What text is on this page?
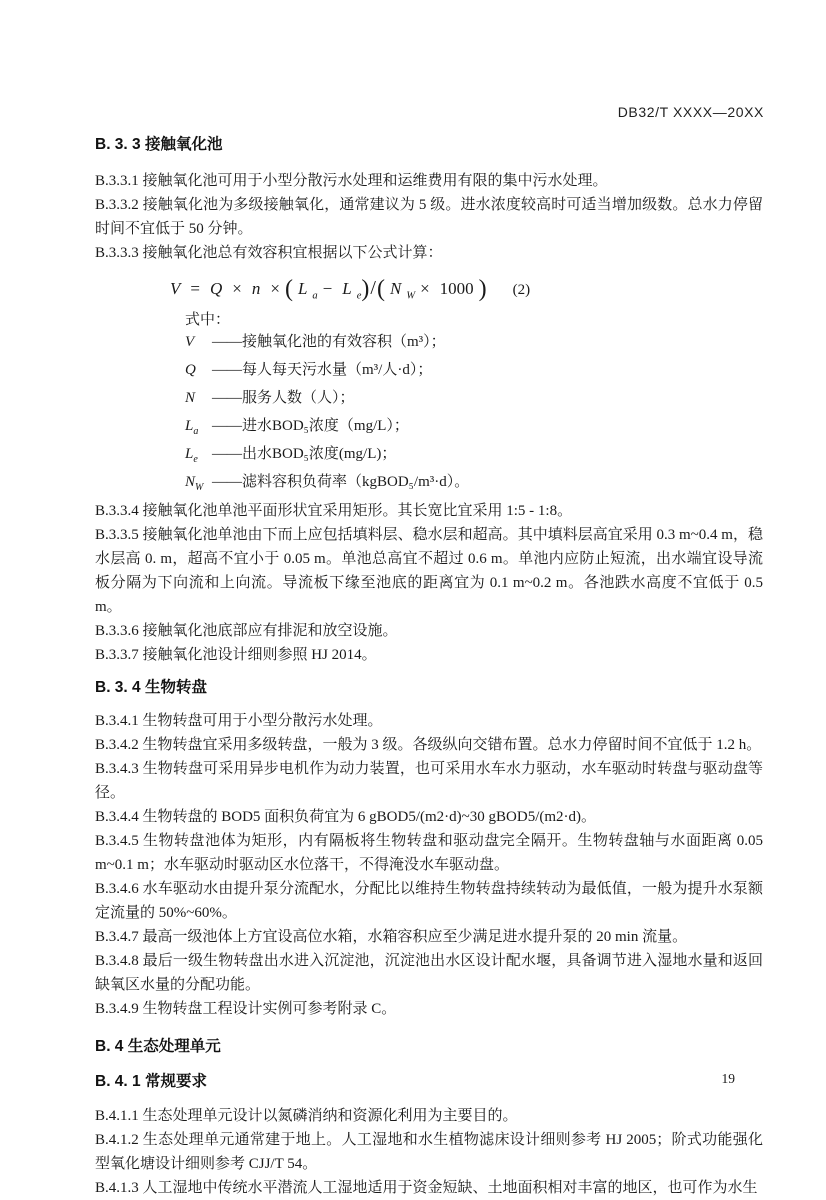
DB32/T XXXX—20XX
B. 3. 3 接触氧化池

B.3.3.1 接触氧化池可用于小型分散污水处理和运维费用有限的集中污水处理。

B.3.3.2 接触氧化池为多级接触氧化，通常建议为 5 级。进水浓度较高时可适当增加级数。总水力停留时间不宜低于 50 分钟。

B.3.3.3 接触氧化池总有效容积宜根据以下公式计算：

V = Q × n × ( L $_a$ − L $_e$)/( N $_W$ × 1000 ) (2)
式中：
V ——接触氧化池的有效容积（m³）；
Q ——每人每天污水量（m³/人·d）；
N ——服务人数（人）；
$L_a$ ——进水BOD₅浓度（mg/L）；
$L_e$ ——出水BOD₅浓度(mg/L)；
$N_W$ ——滤料容积负荷率（kgBOD₅/m³·d）。

B.3.3.4 接触氧化池单池平面形状宜采用矩形。其长宽比宜采用 1:5 - 1:8。

B.3.3.5 接触氧化池单池由下而上应包括填料层、稳水层和超高。其中填料层高宜采用 0.3 m~0.4 m，稳水层高 0. m，超高不宜小于 0.05 m。单池总高宜不超过 0.6 m。单池内应防止短流，出水端宜设导流板分隔为下向流和上向流。导流板下缘至池底的距离宜为 0.1 m~0.2 m。各池跌水高度不宜低于 0.5 m。

B.3.3.6 接触氧化池底部应有排泥和放空设施。

B.3.3.7 接触氧化池设计细则参照 HJ 2014。

B. 3. 4 生物转盘

B.3.4.1 生物转盘可用于小型分散污水处理。

B.3.4.2 生物转盘宜采用多级转盘，一般为 3 级。各级纵向交错布置。总水力停留时间不宜低于 1.2 h。

B.3.4.3 生物转盘可采用异步电机作为动力装置，也可采用水车水力驱动，水车驱动时转盘与驱动盘等径。

B.3.4.4 生物转盘的 BOD5 面积负荷宜为 6 gBOD5/(m2·d)~30 gBOD5/(m2·d)。

B.3.4.5 生物转盘池体为矩形，内有隔板将生物转盘和驱动盘完全隔开。生物转盘轴与水面距离 0.05 m~0.1 m；水车驱动时驱动区水位落干，不得淹没水车驱动盘。

B.3.4.6 水车驱动水由提升泵分流配水，分配比以维持生物转盘持续转动为最低值，一般为提升水泵额定流量的 50%~60%。

B.3.4.7 最高一级池体上方宜设高位水箱，水箱容积应至少满足进水提升泵的 20 min 流量。

B.3.4.8 最后一级生物转盘出水进入沉淀池，沉淀池出水区设计配水堰，具备调节进入湿地水量和返回缺氧区水量的分配功能。

B.3.4.9 生物转盘工程设计实例可参考附录 C。

B. 4 生态处理单元
B. 4. 1 常规要求

B.4.1.1 生态处理单元设计以氮磷消纳和资源化利用为主要目的。

B.4.1.2 生态处理单元通常建于地上。人工湿地和水生植物滤床设计细则参考 HJ 2005；阶式功能强化型氧化塘设计细则参考 CJJ/T 54。

B.4.1.3 人工湿地中传统水平潜流人工湿地适用于资金短缺、土地面积相对丰富的地区，也可作为水生

19
